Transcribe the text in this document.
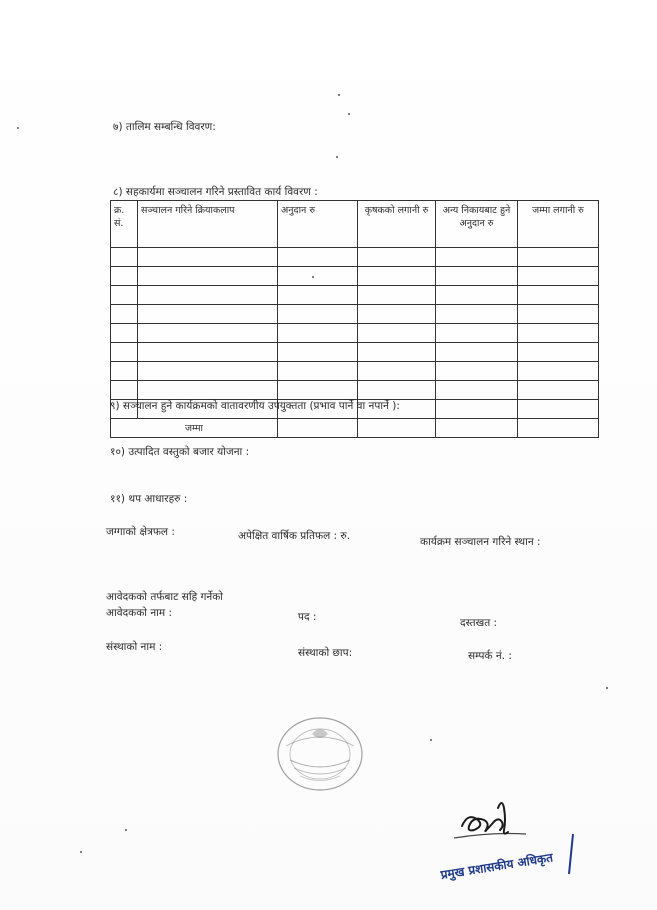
७) तालिम सम्बन्धि विवरण:
८) सहकार्यमा सञ्चालन गरिने प्रस्तावित कार्य विवरण :
क्र. सं.	सञ्चालन गरिने क्रियाकलाप	अनुदान रु	कृषकको लगानी रु	अन्य निकायबाट हुने अनुदान रु	जम्मा लगानी रु

जम्मा					
९) सञ्चालन हुने कार्यक्रमको वातावरणीय उपयुक्तता (प्रभाव पार्ने वा नपार्ने ):
१०) उत्पादित वस्तुको बजार योजना :
११) थप आधारहरु :
जग्गाको क्षेत्रफल :	अपेक्षित वार्षिक प्रतिफल : रु.	कार्यक्रम सञ्चालन गरिने स्थान :
आवेदकको तर्फबाट सहि गर्नेको
आवेदकको नाम :	पद :	दस्तखत :
संस्थाको नाम :	संस्थाको छाप:	सम्पर्क नं. :
प्रमुख प्रशासकीय अधिकृत
